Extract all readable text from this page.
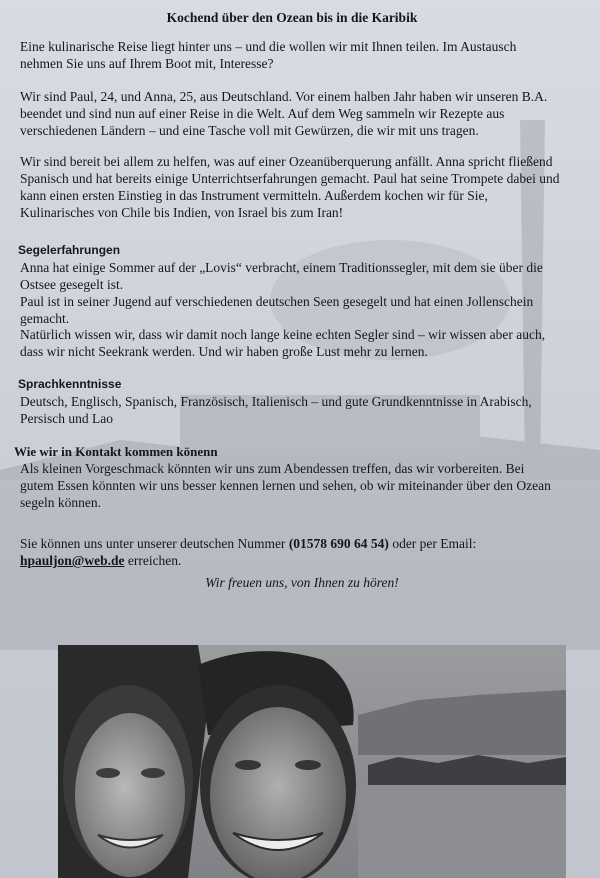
Kochend über den Ozean bis in die Karibik

Eine kulinarische Reise liegt hinter uns – und die wollen wir mit Ihnen teilen. Im Austausch

nehmen Sie uns auf Ihrem Boot mit, Interesse?

Wir sind Paul, 24, und Anna, 25, aus Deutschland. Vor einem halben Jahr haben wir unseren B.A.

beendet und sind nun auf einer Reise in die Welt. Auf dem Weg sammeln wir Rezepte aus

verschiedenen Ländern – und eine Tasche voll mit Gewürzen, die wir mit uns tragen.

Wir sind bereit bei allem zu helfen, was auf einer Ozeanüberquerung anfällt. Anna spricht fließend

Spanisch und hat bereits einige Unterrichtserfahrungen gemacht. Paul hat seine Trompete dabei und

kann einen ersten Einstieg in das Instrument vermitteln. Außerdem kochen wir für Sie,

Kulinarisches von Chile bis Indien, von Israel bis zum Iran!

Segelerfahrungen

Anna hat einige Sommer auf der „Lovis“ verbracht, einem Traditionssegler, mit dem sie über die

Ostsee gesegelt ist.

Paul ist in seiner Jugend auf verschiedenen deutschen Seen gesegelt und hat einen Jollenschein

gemacht.

Natürlich wissen wir, dass wir damit noch lange keine echten Segler sind – wir wissen aber auch,

dass wir nicht Seekrank werden. Und wir haben große Lust mehr zu lernen.

Sprachkenntnisse

Deutsch, Englisch, Spanisch, Französisch, Italienisch – und gute Grundkenntnisse in Arabisch,

Persisch und Lao

Wie wir in Kontakt kommen könenn

Als kleinen Vorgeschmack könnten wir uns zum Abendessen treffen, das wir vorbereiten. Bei

gutem Essen könnten wir uns besser kennen lernen und sehen, ob wir miteinander über den Ozean

segeln können.

Sie können uns unter unserer deutschen Nummer (01578 690 64 54) oder per Email:

hpauljon@web.de erreichen.

Wir freuen uns, von Ihnen zu hören!
